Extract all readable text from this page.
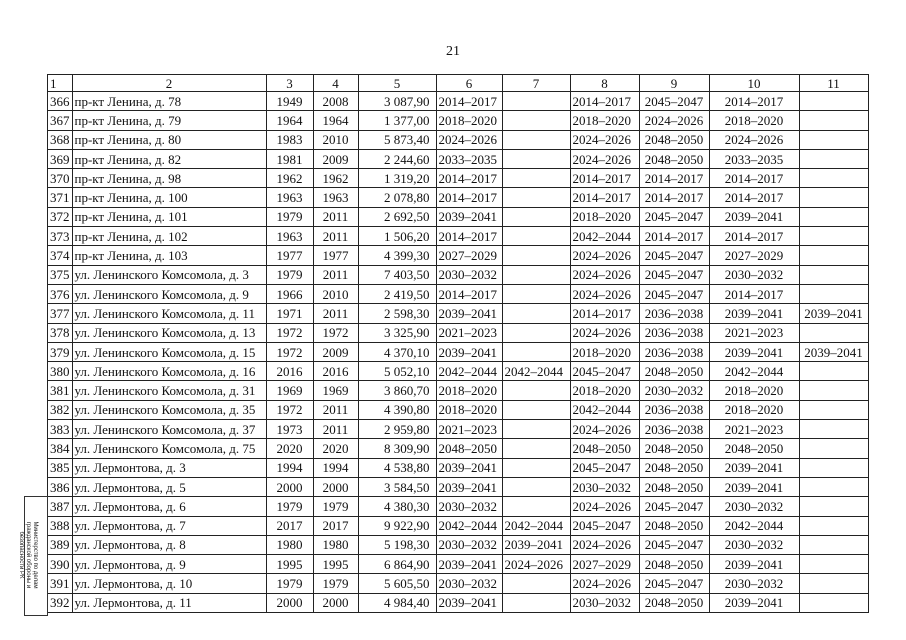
21
1	2	3	4	5	6	7	8	9	10	11
366	пр-кт Ленина, д. 78	1949	2008	3 087,90	2014–2017		2014–2017	2045–2047	2014–2017	
367	пр-кт Ленина, д. 79	1964	1964	1 377,00	2018–2020		2018–2020	2024–2026	2018–2020	
368	пр-кт Ленина, д. 80	1983	2010	5 873,40	2024–2026		2024–2026	2048–2050	2024–2026	
369	пр-кт Ленина, д. 82	1981	2009	2 244,60	2033–2035		2024–2026	2048–2050	2033–2035	
370	пр-кт Ленина, д. 98	1962	1962	1 319,20	2014–2017		2014–2017	2014–2017	2014–2017	
371	пр-кт Ленина, д. 100	1963	1963	2 078,80	2014–2017		2014–2017	2014–2017	2014–2017	
372	пр-кт Ленина, д. 101	1979	2011	2 692,50	2039–2041		2018–2020	2045–2047	2039–2041	
373	пр-кт Ленина, д. 102	1963	2011	1 506,20	2014–2017		2042–2044	2014–2017	2014–2017	
374	пр-кт Ленина, д. 103	1977	1977	4 399,30	2027–2029		2024–2026	2045–2047	2027–2029	
375	ул. Ленинского Комсомола, д. 3	1979	2011	7 403,50	2030–2032		2024–2026	2045–2047	2030–2032	
376	ул. Ленинского Комсомола, д. 9	1966	2010	2 419,50	2014–2017		2024–2026	2045–2047	2014–2017	
377	ул. Ленинского Комсомола, д. 11	1971	2011	2 598,30	2039–2041		2014–2017	2036–2038	2039–2041	2039–2041
378	ул. Ленинского Комсомола, д. 13	1972	1972	3 325,90	2021–2023		2024–2026	2036–2038	2021–2023	
379	ул. Ленинского Комсомола, д. 15	1972	2009	4 370,10	2039–2041		2018–2020	2036–2038	2039–2041	2039–2041
380	ул. Ленинского Комсомола, д. 16	2016	2016	5 052,10	2042–2044	2042–2044	2045–2047	2048–2050	2042–2044	
381	ул. Ленинского Комсомола, д. 31	1969	1969	3 860,70	2018–2020		2018–2020	2030–2032	2018–2020	
382	ул. Ленинского Комсомола, д. 35	1972	2011	4 390,80	2018–2020		2042–2044	2036–2038	2018–2020	
383	ул. Ленинского Комсомола, д. 37	1973	2011	2 959,80	2021–2023		2024–2026	2036–2038	2021–2023	
384	ул. Ленинского Комсомола, д. 75	2020	2020	8 309,90	2048–2050		2048–2050	2048–2050	2048–2050	
385	ул. Лермонтова, д. 3	1994	1994	4 538,80	2039–2041		2045–2047	2048–2050	2039–2041	
386	ул. Лермонтова, д. 5	2000	2000	3 584,50	2039–2041		2030–2032	2048–2050	2039–2041	
387	ул. Лермонтова, д. 6	1979	1979	4 380,30	2030–2032		2024–2026	2045–2047	2030–2032	
388	ул. Лермонтова, д. 7	2017	2017	9 922,90	2042–2044	2042–2044	2045–2047	2048–2050	2042–2044	
389	ул. Лермонтова, д. 8	1980	1980	5 198,30	2030–2032	2039–2041	2024–2026	2045–2047	2030–2032	
390	ул. Лермонтова, д. 9	1995	1995	6 864,90	2039–2041	2024–2026	2027–2029	2048–2050	2039–2041	
391	ул. Лермонтова, д. 10	1979	1979	5 605,50	2030–2032		2024–2026	2045–2047	2030–2032	
392	ул. Лермонтова, д. 11	2000	2000	4 984,40	2039–2041		2030–2032	2048–2050	2039–2041	
Министерство по делам
гражданской обороны и
безопасности РК
